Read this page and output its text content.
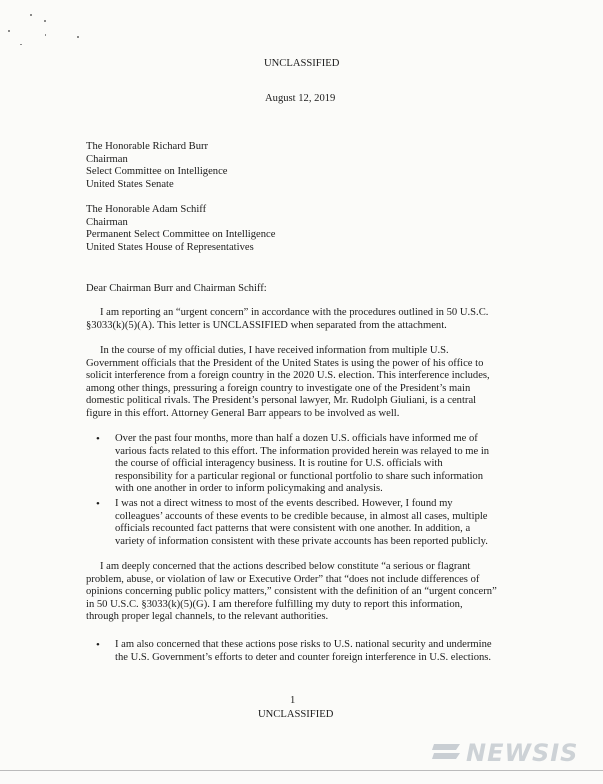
UNCLASSIFIED
August 12, 2019
The Honorable Richard Burr
Chairman
Select Committee on Intelligence
United States Senate
The Honorable Adam Schiff
Chairman
Permanent Select Committee on Intelligence
United States House of Representatives
Dear Chairman Burr and Chairman Schiff:
I am reporting an “urgent concern” in accordance with the procedures outlined in 50 U.S.C.
§3033(k)(5)(A). This letter is UNCLASSIFIED when separated from the attachment.
In the course of my official duties, I have received information from multiple U.S.
Government officials that the President of the United States is using the power of his office to
solicit interference from a foreign country in the 2020 U.S. election. This interference includes,
among other things, pressuring a foreign country to investigate one of the President’s main
domestic political rivals. The President’s personal lawyer, Mr. Rudolph Giuliani, is a central
figure in this effort. Attorney General Barr appears to be involved as well.
• Over the past four months, more than half a dozen U.S. officials have informed me of
various facts related to this effort. The information provided herein was relayed to me in
the course of official interagency business. It is routine for U.S. officials with
responsibility for a particular regional or functional portfolio to share such information
with one another in order to inform policymaking and analysis.
• I was not a direct witness to most of the events described. However, I found my
colleagues’ accounts of these events to be credible because, in almost all cases, multiple
officials recounted fact patterns that were consistent with one another. In addition, a
variety of information consistent with these private accounts has been reported publicly.
I am deeply concerned that the actions described below constitute “a serious or flagrant
problem, abuse, or violation of law or Executive Order” that “does not include differences of
opinions concerning public policy matters,” consistent with the definition of an “urgent concern”
in 50 U.S.C. §3033(k)(5)(G). I am therefore fulfilling my duty to report this information,
through proper legal channels, to the relevant authorities.
• I am also concerned that these actions pose risks to U.S. national security and undermine
the U.S. Government’s efforts to deter and counter foreign interference in U.S. elections.
1
UNCLASSIFIED
NEWSIS
